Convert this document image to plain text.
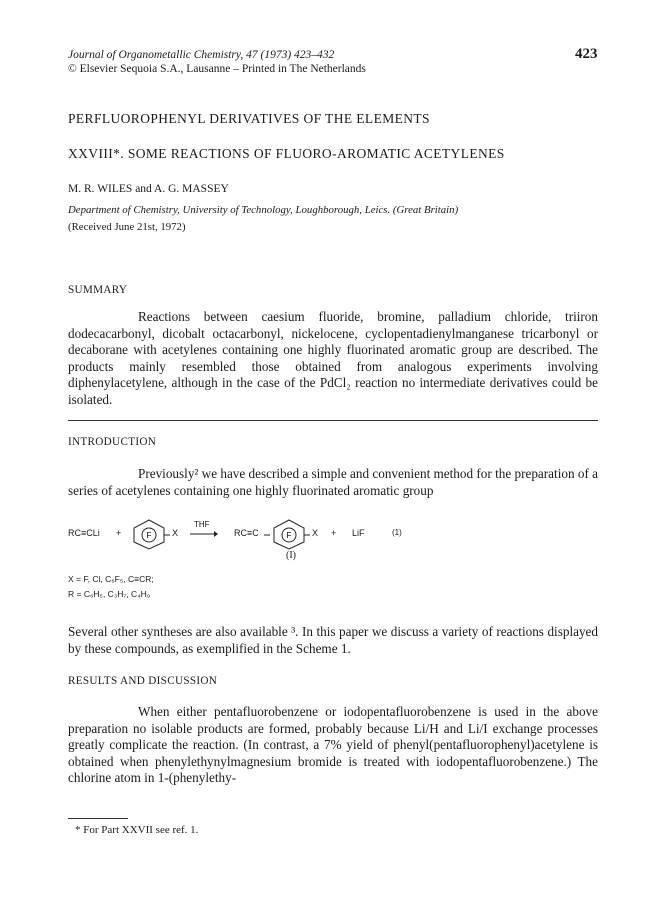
Journal of Organometallic Chemistry, 47 (1973) 423–432
© Elsevier Sequoia S.A., Lausanne – Printed in The Netherlands
423
PERFLUOROPHENYL DERIVATIVES OF THE ELEMENTS
XXVIII*. SOME REACTIONS OF FLUORO-AROMATIC ACETYLENES
M. R. WILES and A. G. MASSEY
Department of Chemistry, University of Technology, Loughborough, Leics. (Great Britain)
(Received June 21st, 1972)
SUMMARY

Reactions between caesium fluoride, bromine, palladium chloride, triiron dodecacarbonyl, dicobalt octacarbonyl, nickelocene, cyclopentadienylmanganese tricarbonyl or decaborane with acetylenes containing one highly fluorinated aromatic group are described. The products mainly resembled those obtained from analogous experiments involving diphenylacetylene, although in the case of the PdCl₂ reaction no intermediate derivatives could be isolated.

INTRODUCTION

Previously² we have described a simple and convenient method for the preparation of a series of acetylenes containing one highly fluorinated aromatic group

RC≡CLi +	F X
THF
→ RC≡C	F X + LiF	(1)
(I)
X = F, Cl, C₆F₅, C≡CR;
R = C₆H₅, C₃H₇, C₄H₉

Several other syntheses are also available ³. In this paper we discuss a variety of reactions displayed by these compounds, as exemplified in the Scheme 1.

RESULTS AND DISCUSSION

When either pentafluorobenzene or iodopentafluorobenzene is used in the above preparation no isolable products are formed, probably because Li/H and Li/I exchange processes greatly complicate the reaction. (In contrast, a 7% yield of phenyl(pentafluorophenyl)acetylene is obtained when phenylethynylmagnesium bromide is treated with iodopentafluorobenzene.) The chlorine atom in 1-(phenylethy-

* For Part XXVII see ref. 1.
